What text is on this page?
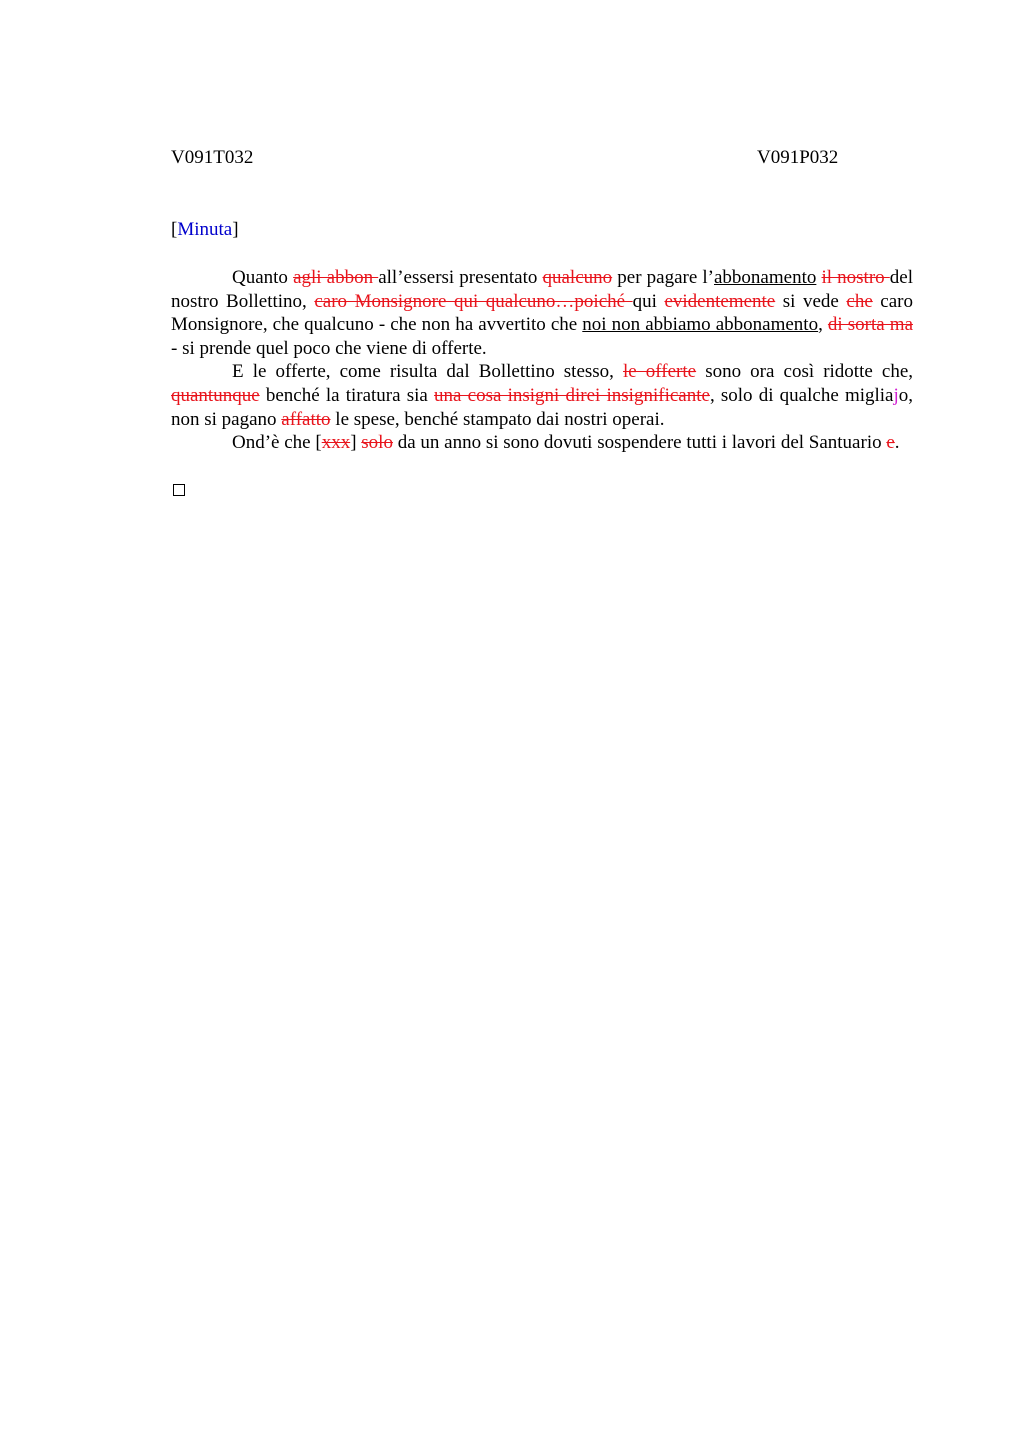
V091T032	V091P032
[Minuta]

Quanto agli abbon all’essersi presentato qualcuno per pagare l’abbonamento il nostro del nostro Bollettino, caro Monsignore qui qualcuno…poiché qui evidentemente si vede che caro Monsignore, che qualcuno - che non ha avvertito che noi non abbiamo abbonamento, di sorta ma - si prende quel poco che viene di offerte.

E le offerte, come risulta dal Bollettino stesso, le offerte sono ora così ridotte che, quantunque benché la tiratura sia una cosa insigni direi insignificante, solo di qualche migliajo, non si pagano affatto le spese, benché stampato dai nostri operai.

Ond’è che [xxx] solo da un anno si sono dovuti sospendere tutti i lavori del Santuario e.
